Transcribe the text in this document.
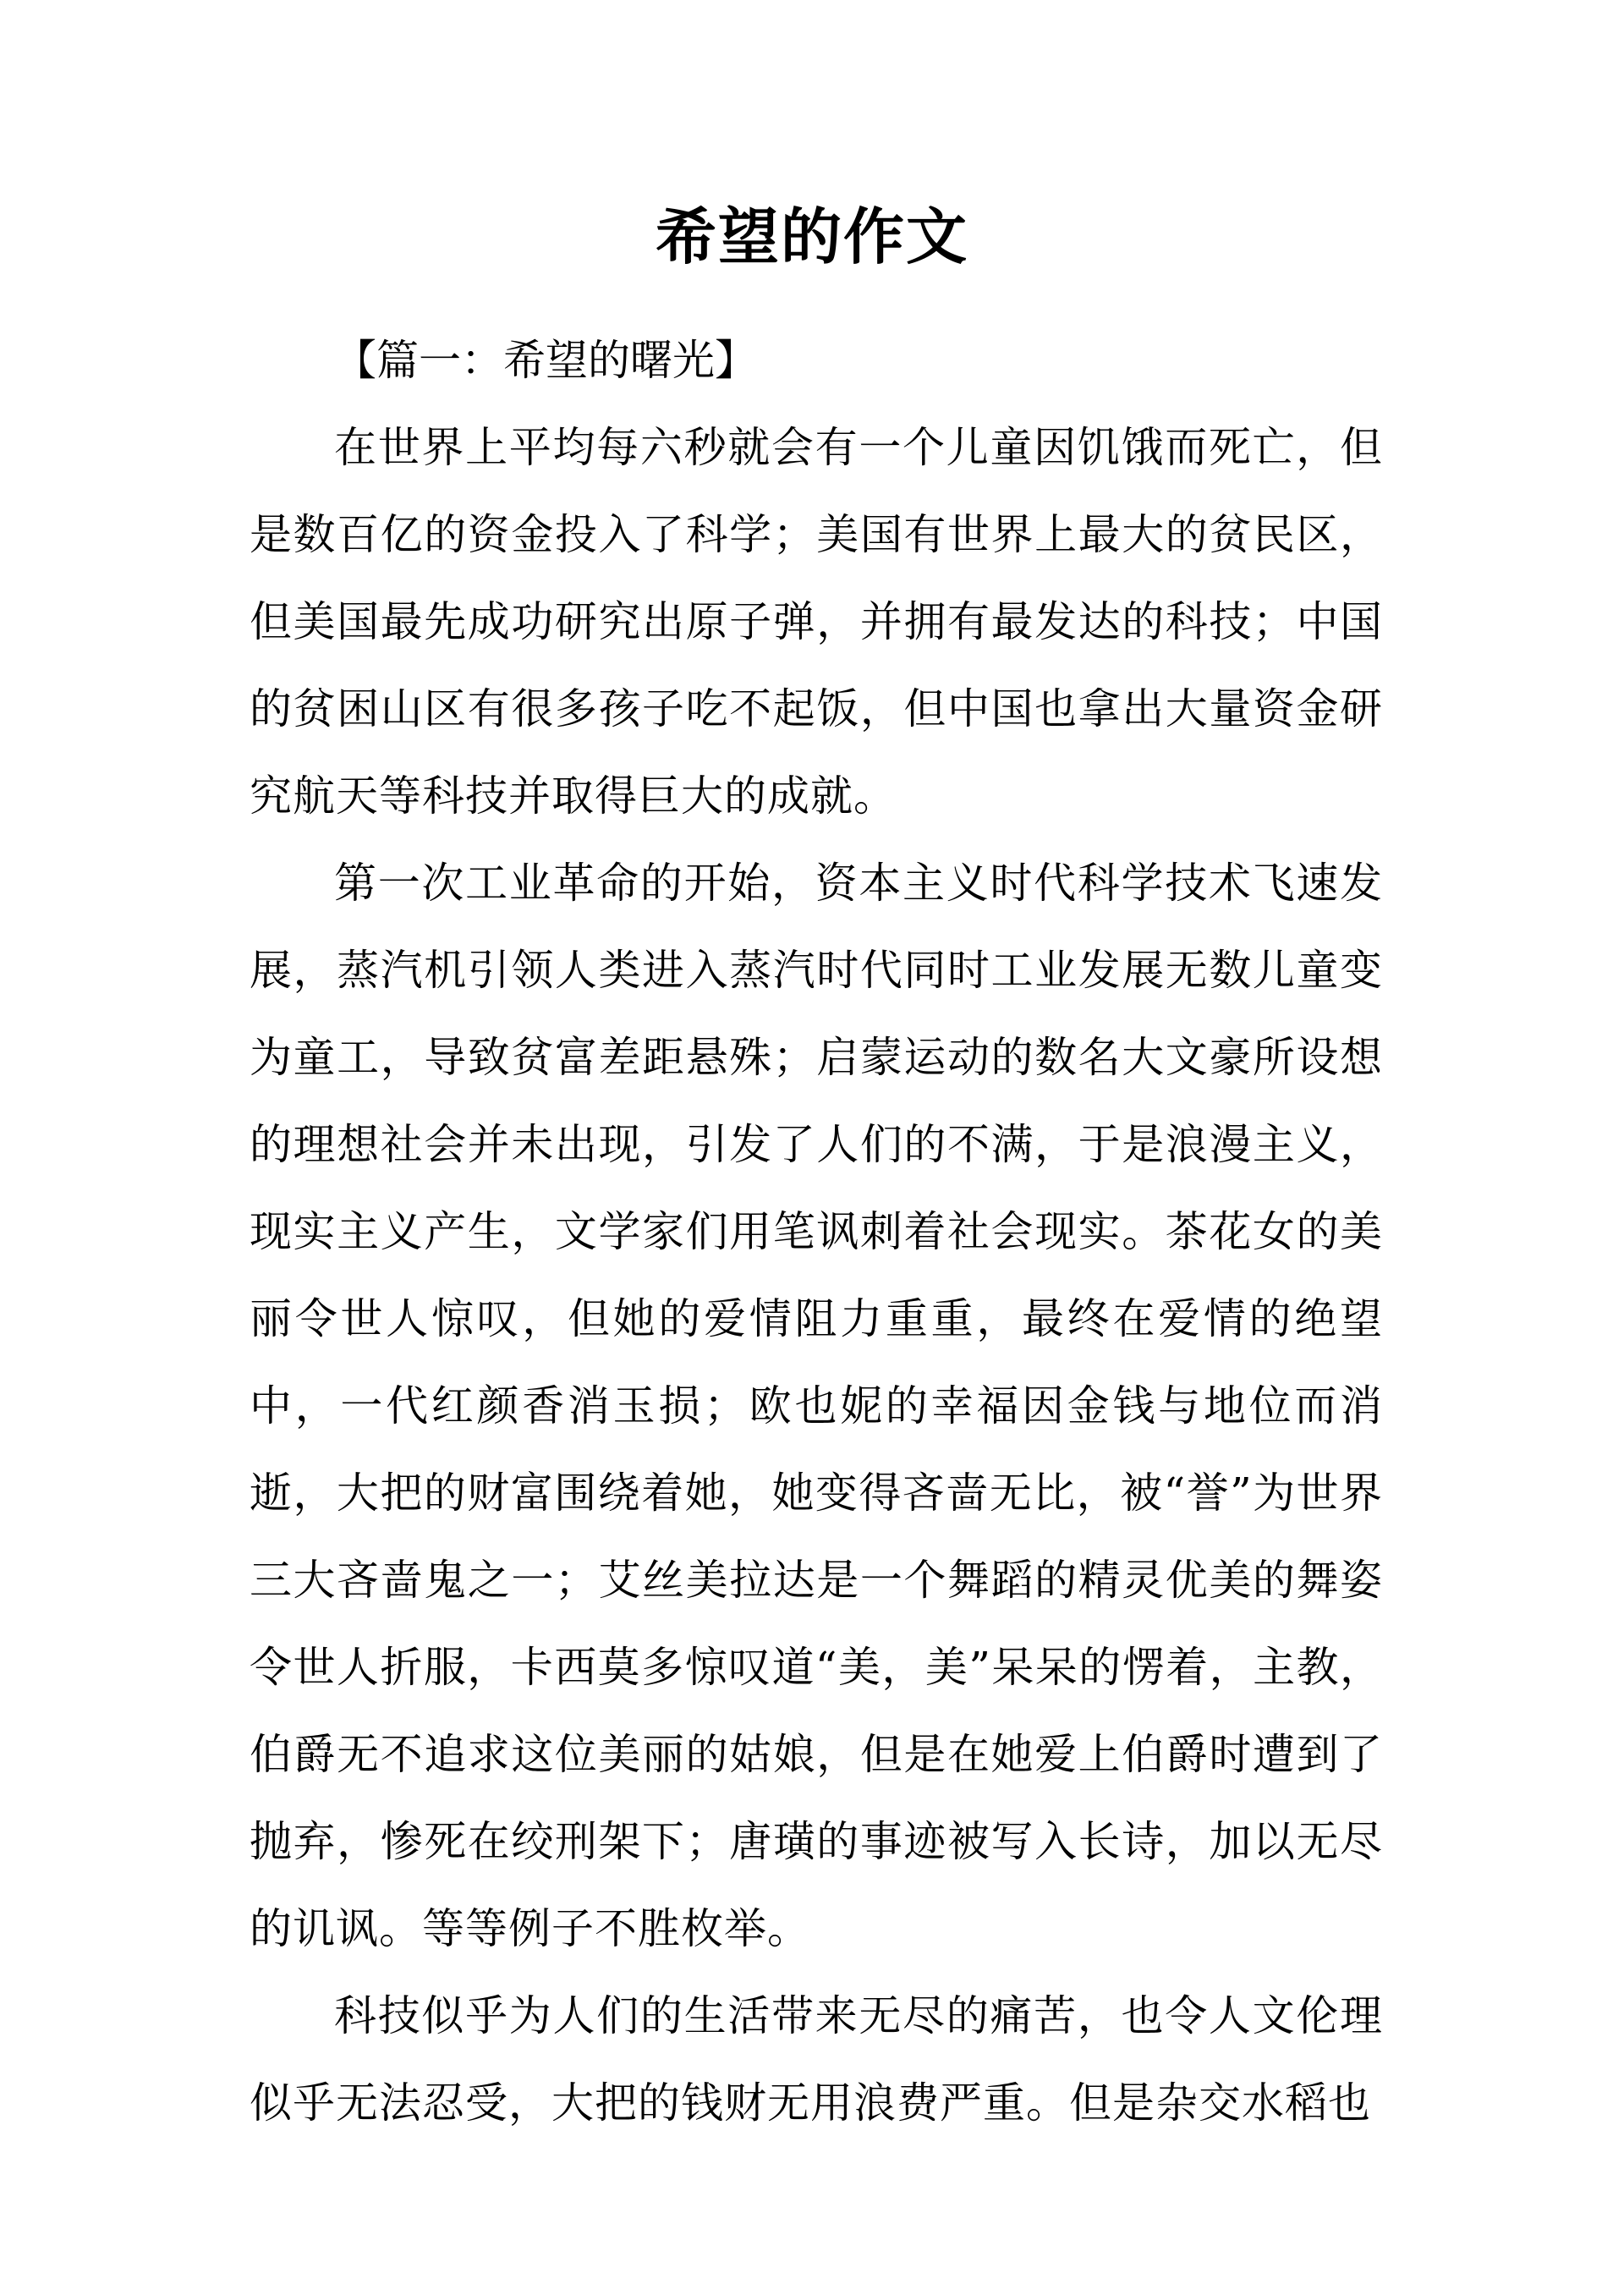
希望的作文

【篇一：希望的曙光】

在世界上平均每六秒就会有一个儿童因饥饿而死亡，但是数百亿的资金投入了科学；美国有世界上最大的贫民区，但美国最先成功研究出原子弹，并拥有最发达的科技；中国的贫困山区有很多孩子吃不起饭，但中国也拿出大量资金研究航天等科技并取得巨大的成就。

第一次工业革命的开始，资本主义时代科学技术飞速发展，蒸汽机引领人类进入蒸汽时代同时工业发展无数儿童变为童工，导致贫富差距悬殊；启蒙运动的数名大文豪所设想的理想社会并未出现，引发了人们的不满，于是浪漫主义，现实主义产生，文学家们用笔讽刺着社会现实。茶花女的美丽令世人惊叹，但她的爱情阻力重重，最终在爱情的绝望中，一代红颜香消玉损；欧也妮的幸福因金钱与地位而消逝，大把的财富围绕着她，她变得吝啬无比，被“誉”为世界三大吝啬鬼之一；艾丝美拉达是一个舞蹈的精灵优美的舞姿令世人折服，卡西莫多惊叹道“美，美”呆呆的愣着，主教，伯爵无不追求这位美丽的姑娘，但是在她爱上伯爵时遭到了抛弃，惨死在绞刑架下；唐璜的事迹被写入长诗，加以无尽的讥讽。等等例子不胜枚举。

科技似乎为人们的生活带来无尽的痛苦，也令人文伦理似乎无法忍受，大把的钱财无用浪费严重。但是杂交水稻也
